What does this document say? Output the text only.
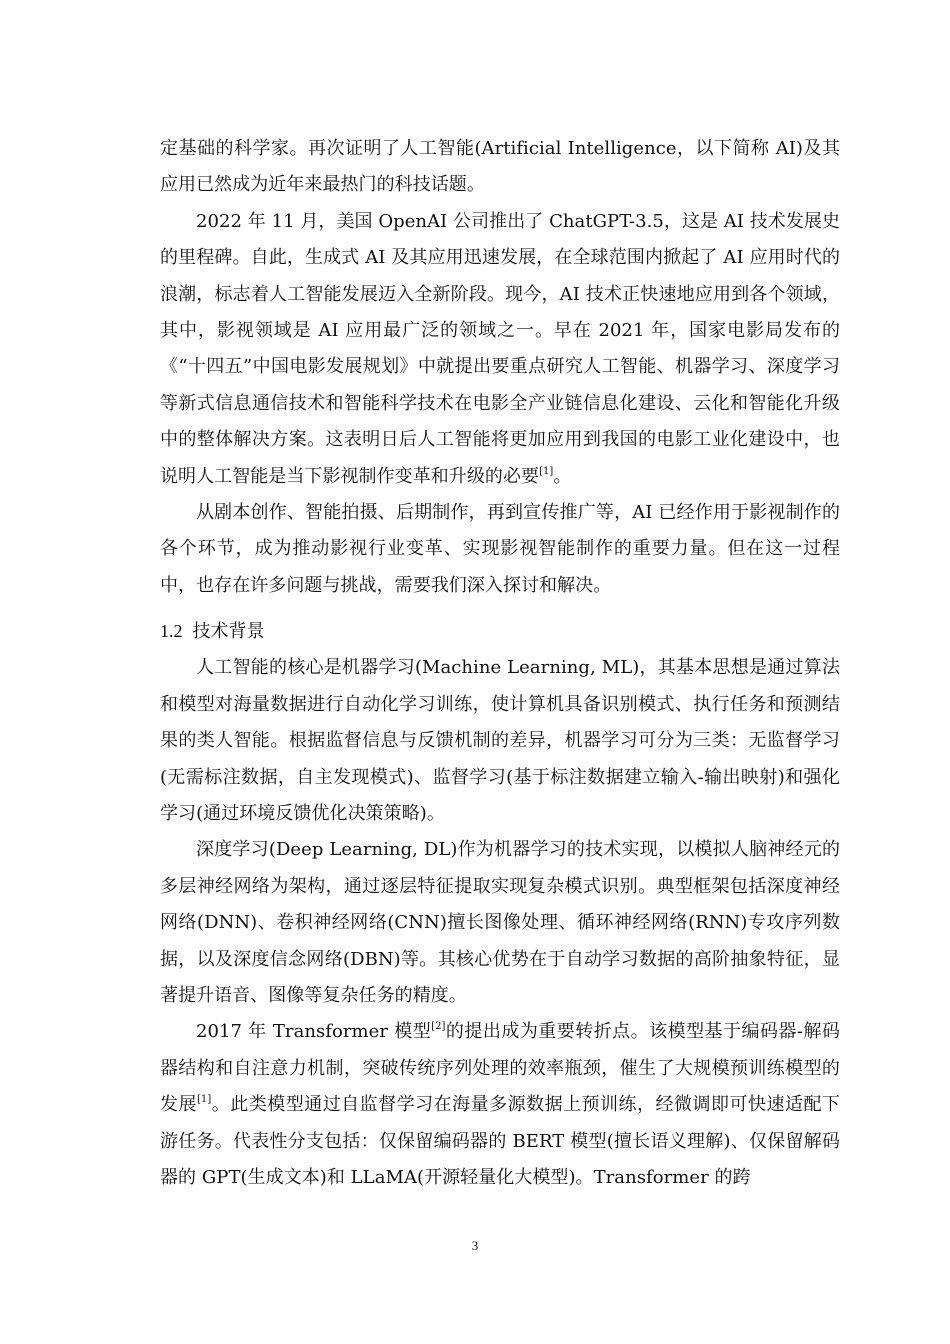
定基础的科学家。再次证明了人工智能(Artificial Intelligence，以下简称 AI)及其应用已然成为近年来最热门的科技话题。

2022 年 11 月，美国 OpenAI 公司推出了 ChatGPT-3.5，这是 AI 技术发展史的里程碑。自此，生成式 AI 及其应用迅速发展，在全球范围内掀起了 AI 应用时代的浪潮，标志着人工智能发展迈入全新阶段。现今，AI 技术正快速地应用到各个领域，其中，影视领域是 AI 应用最广泛的领域之一。早在 2021 年，国家电影局发布的《“十四五”中国电影发展规划》中就提出要重点研究人工智能、机器学习、深度学习等新式信息通信技术和智能科学技术在电影全产业链信息化建设、云化和智能化升级中的整体解决方案。这表明日后人工智能将更加应用到我国的电影工业化建设中，也说明人工智能是当下影视制作变革和升级的必要[1]。

从剧本创作、智能拍摄、后期制作，再到宣传推广等，AI 已经作用于影视制作的各个环节，成为推动影视行业变革、实现影视智能制作的重要力量。但在这一过程中，也存在许多问题与挑战，需要我们深入探讨和解决。

1.2 技术背景

人工智能的核心是机器学习(Machine Learning, ML)，其基本思想是通过算法和模型对海量数据进行自动化学习训练，使计算机具备识别模式、执行任务和预测结果的类人智能。根据监督信息与反馈机制的差异，机器学习可分为三类：无监督学习(无需标注数据，自主发现模式)、监督学习(基于标注数据建立输入-输出映射)和强化学习(通过环境反馈优化决策策略)。

深度学习(Deep Learning, DL)作为机器学习的技术实现，以模拟人脑神经元的多层神经网络为架构，通过逐层特征提取实现复杂模式识别。典型框架包括深度神经网络(DNN)、卷积神经网络(CNN)擅长图像处理、循环神经网络(RNN)专攻序列数据，以及深度信念网络(DBN)等。其核心优势在于自动学习数据的高阶抽象特征，显著提升语音、图像等复杂任务的精度。

2017 年 Transformer 模型[2]的提出成为重要转折点。该模型基于编码器-解码器结构和自注意力机制，突破传统序列处理的效率瓶颈，催生了大规模预训练模型的发展[1]。此类模型通过自监督学习在海量多源数据上预训练，经微调即可快速适配下游任务。代表性分支包括：仅保留编码器的 BERT 模型(擅长语义理解)、仅保留解码器的 GPT(生成文本)和 LLaMA(开源轻量化大模型)。Transformer 的跨

3
